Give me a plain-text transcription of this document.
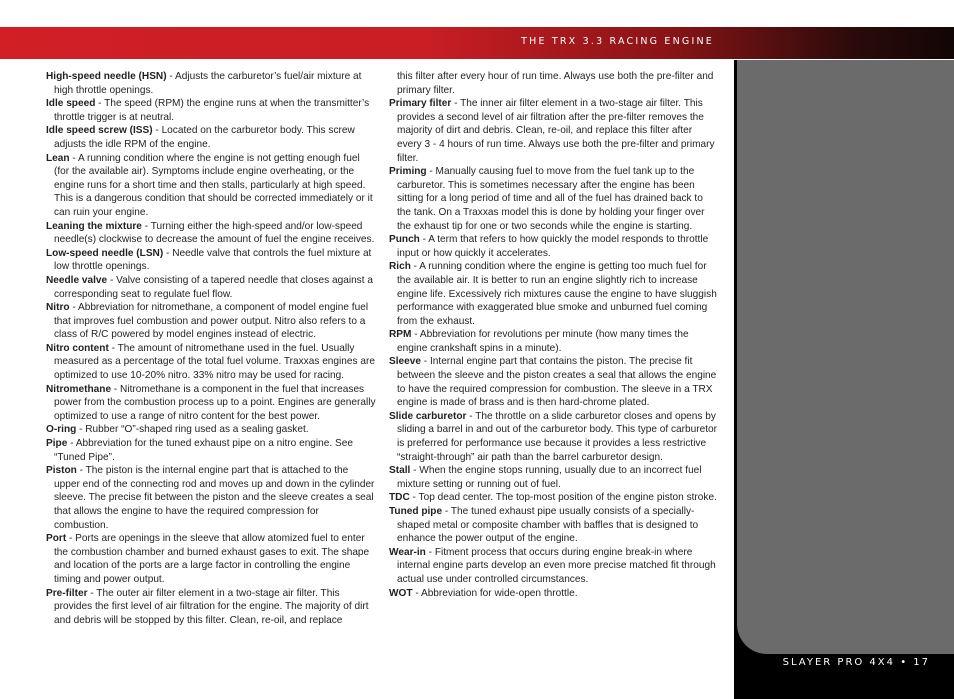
THE TRX 3.3 RACING ENGINE
SLAYER PRO 4X4 • 17

High-speed needle (HSN) - Adjusts the carburetor’s fuel/air mixture at high throttle openings.

Idle speed - The speed (RPM) the engine runs at when the transmitter’s throttle trigger is at neutral.

Idle speed screw (ISS) - Located on the carburetor body. This screw adjusts the idle RPM of the engine.

Lean - A running condition where the engine is not getting enough fuel (for the available air). Symptoms include engine overheating, or the engine runs for a short time and then stalls, particularly at high speed. This is a dangerous condition that should be corrected immediately or it can ruin your engine.

Leaning the mixture - Turning either the high-speed and/or low-speed needle(s) clockwise to decrease the amount of fuel the engine receives.

Low-speed needle (LSN) - Needle valve that controls the fuel mixture at low throttle openings.

Needle valve - Valve consisting of a tapered needle that closes against a corresponding seat to regulate fuel flow.

Nitro - Abbreviation for nitromethane, a component of model engine fuel that improves fuel combustion and power output. Nitro also refers to a class of R/C powered by model engines instead of electric.

Nitro content - The amount of nitromethane used in the fuel. Usually measured as a percentage of the total fuel volume. Traxxas engines are optimized to use 10-20% nitro. 33% nitro may be used for racing.

Nitromethane - Nitromethane is a component in the fuel that increases power from the combustion process up to a point. Engines are generally optimized to use a range of nitro content for the best power.

O-ring - Rubber “O”-shaped ring used as a sealing gasket.

Pipe - Abbreviation for the tuned exhaust pipe on a nitro engine. See “Tuned Pipe”.

Piston - The piston is the internal engine part that is attached to the upper end of the connecting rod and moves up and down in the cylinder sleeve. The precise fit between the piston and the sleeve creates a seal that allows the engine to have the required compression for combustion.

Port - Ports are openings in the sleeve that allow atomized fuel to enter the combustion chamber and burned exhaust gases to exit. The shape and location of the ports are a large factor in controlling the engine timing and power output.

Pre-filter - The outer air filter element in a two-stage air filter. This provides the first level of air filtration for the engine. The majority of dirt and debris will be stopped by this filter. Clean, re-oil, and replace

this filter after every hour of run time. Always use both the pre-filter and primary filter.

Primary filter - The inner air filter element in a two-stage air filter. This provides a second level of air filtration after the pre-filter removes the majority of dirt and debris. Clean, re-oil, and replace this filter after every 3 - 4 hours of run time. Always use both the pre-filter and primary filter.

Priming - Manually causing fuel to move from the fuel tank up to the carburetor. This is sometimes necessary after the engine has been sitting for a long period of time and all of the fuel has drained back to the tank. On a Traxxas model this is done by holding your finger over the exhaust tip for one or two seconds while the engine is starting.

Punch - A term that refers to how quickly the model responds to throttle input or how quickly it accelerates.

Rich - A running condition where the engine is getting too much fuel for the available air. It is better to run an engine slightly rich to increase engine life. Excessively rich mixtures cause the engine to have sluggish performance with exaggerated blue smoke and unburned fuel coming from the exhaust.

RPM - Abbreviation for revolutions per minute (how many times the engine crankshaft spins in a minute).

Sleeve - Internal engine part that contains the piston. The precise fit between the sleeve and the piston creates a seal that allows the engine to have the required compression for combustion. The sleeve in a TRX engine is made of brass and is then hard-chrome plated.

Slide carburetor - The throttle on a slide carburetor closes and opens by sliding a barrel in and out of the carburetor body. This type of carburetor is preferred for performance use because it provides a less restrictive “straight-through” air path than the barrel carburetor design.

Stall - When the engine stops running, usually due to an incorrect fuel mixture setting or running out of fuel.

TDC - Top dead center. The top-most position of the engine piston stroke.

Tuned pipe - The tuned exhaust pipe usually consists of a specially-shaped metal or composite chamber with baffles that is designed to enhance the power output of the engine.

Wear-in - Fitment process that occurs during engine break-in where internal engine parts develop an even more precise matched fit through actual use under controlled circumstances.

WOT - Abbreviation for wide-open throttle.
